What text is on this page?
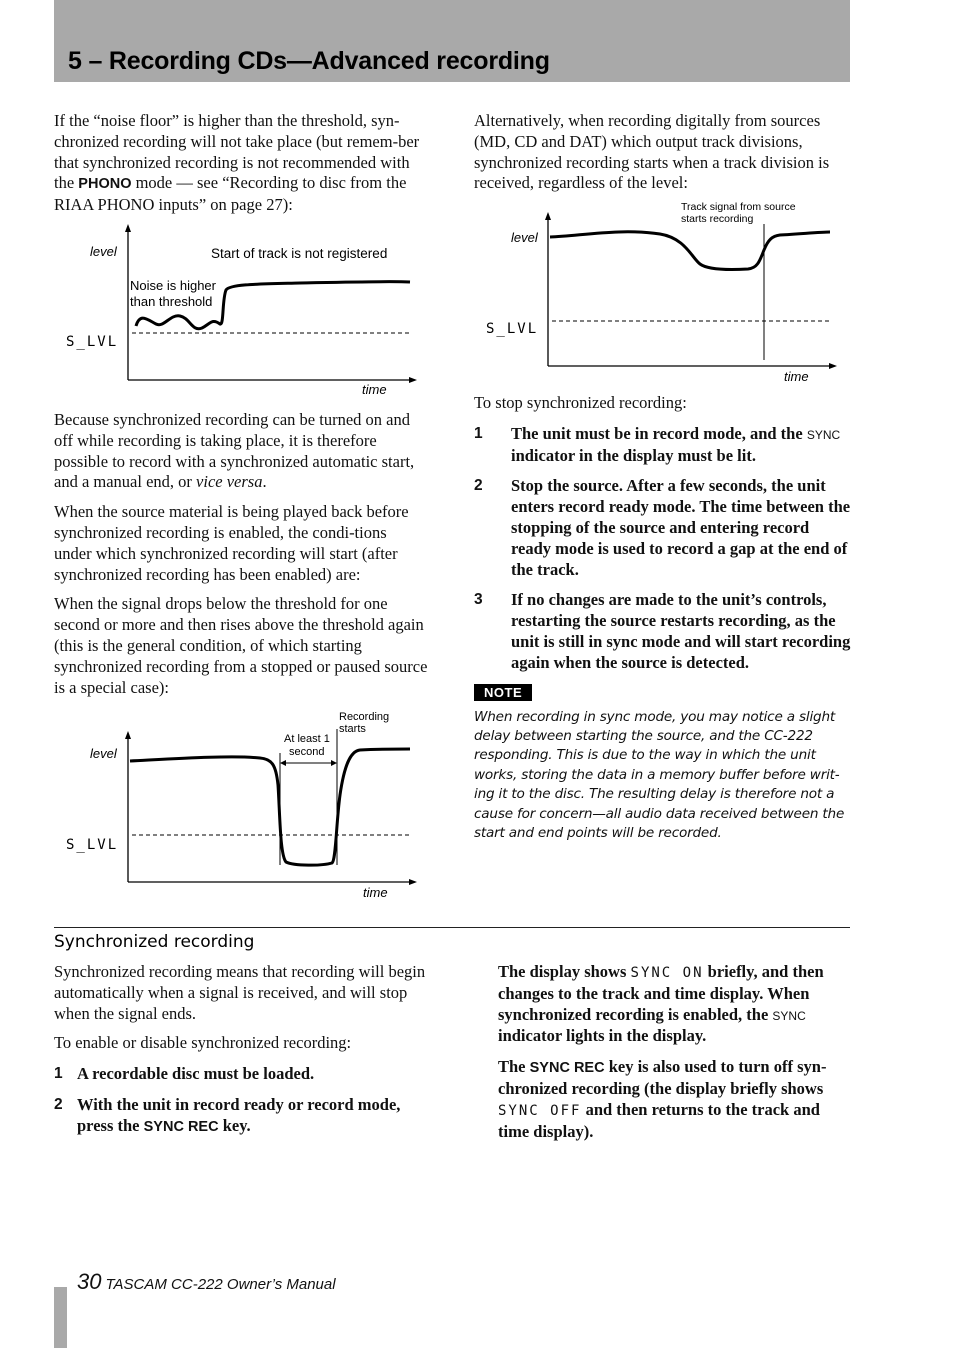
5 – Recording CDs—Advanced recording

If the “noise floor” is higher than the threshold, syn-chronized recording will not take place (but remem-ber that synchronized recording is not recommended with the PHONO mode — see “Recording to disc from the RIAA PHONO inputs” on page 27):

level	Start of track is not registered
Noise is higher
than threshold
S_LVL
time

Because synchronized recording can be turned on and off while recording is taking place, it is therefore possible to record with a synchronized automatic start, and a manual end, or vice versa.

When the source material is being played back before synchronized recording is enabled, the condi-tions under which synchronized recording will start (after synchronized recording has been enabled) are:

When the signal drops below the threshold for one second or more and then rises above the threshold again (this is the general condition, of which starting synchronized recording from a stopped or paused source is a special case):

level
At least 1
second
Recording
starts
S_LVL
time

Alternatively, when recording digitally from sources (MD, CD and DAT) which output track divisions, synchronized recording starts when a track division is received, regardless of the level:

level
Track signal from source
starts recording
S_LVL
time

To stop synchronized recording:

1	The unit must be in record mode, and the SYNC indicator in the display must be lit.
2	Stop the source. After a few seconds, the unit enters record ready mode. The time between the stopping of the source and entering record ready mode is used to record a gap at the end of the track.
3	If no changes are made to the unit’s controls, restarting the source restarts recording, as the unit is still in sync mode and will start recording again when the source is detected.
NOTE
When recording in sync mode, you may notice a slight delay between starting the source, and the CC-222 responding. This is due to the way in which the unit works, storing the data in a memory buffer before writ-ing it to the disc. The resulting delay is therefore not a cause for concern—all audio data received between the start and end points will be recorded.
Synchronized recording

Synchronized recording means that recording will begin automatically when a signal is received, and will stop when the signal ends.

To enable or disable synchronized recording:

1 A recordable disc must be loaded.
2 With the unit in record ready or record mode, press the SYNC REC key.

The display shows SYNC ON briefly, and then changes to the track and time display. When synchronized recording is enabled, the SYNC indicator lights in the display.

The SYNC REC key is also used to turn off syn-chronized recording (the display briefly shows SYNC OFF and then returns to the track and time display).

30 TASCAM CC-222 Owner’s Manual
